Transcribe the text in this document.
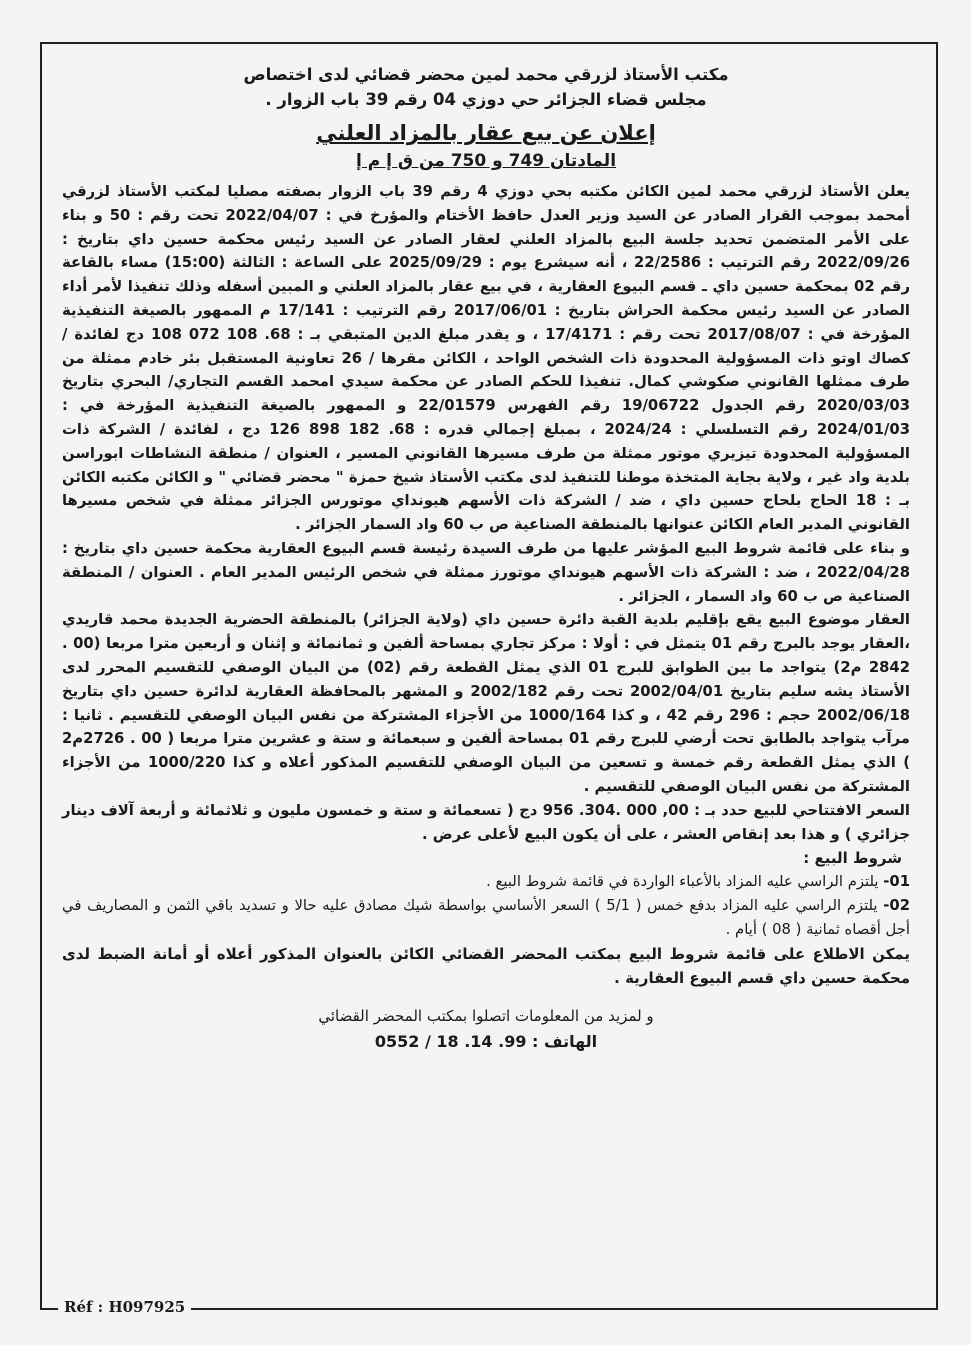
مكتب الأستاذ لزرقي محمد لمين محضر قضائي لدى اختصاص
مجلس قضاء الجزائر حي دوزي 04 رقم 39 باب الزوار .
إعلان عن بيع عقار بالمزاد العلني
المادتان 749 و 750 من ق إ م إ
يعلن الأستاذ لزرقي محمد لمين الكائن مكتبه بحي دوزي 4 رقم 39 باب الزوار بصفته مصليا لمكتب الأستاذ لزرقي أمحمد بموجب القرار الصادر عن السيد وزير العدل حافظ الأختام والمؤرخ في : 2022/04/07 تحت رقم : 50 و بناء على الأمر المتضمن تحديد جلسة البيع بالمزاد العلني لعقار الصادر عن السيد رئيس محكمة حسين داي بتاريخ : 2022/09/26 رقم الترتيب : 22/2586 ، أنه سيشرع يوم : 2025/09/29 على الساعة : الثالثة (15:00) مساء بالقاعة رقم 02 بمحكمة حسين داي ـ قسم البيوع العقارية ، في بيع عقار بالمزاد العلني و المبين أسفله وذلك تنفيذا لأمر أداء الصادر عن السيد رئيس محكمة الحراش بتاريخ : 2017/06/01 رقم الترتيب : 17/141 م الممهور بالصيغة التنفيذية المؤرخة في : 2017/08/07 تحت رقم : 17/4171 ، و يقدر مبلغ الدين المتبقي بـ : 68. 108 072 108 دج لفائدة / كصاك اوتو ذات المسؤولية المحدودة ذات الشخص الواحد ، الكائن مقرها / 26 تعاونية المستقبل بئر خادم ممثلة من طرف ممثلها القانوني صكوشي كمال. تنفيذا للحكم الصادر عن محكمة سيدي امحمد القسم التجاري/ البحري بتاريخ 2020/03/03 رقم الجدول 19/06722 رقم الفهرس 22/01579 و الممهور بالصيغة التنفيذية المؤرخة في : 2024/01/03 رقم التسلسلي : 2024/24 ، بمبلغ إجمالي قدره : 68. 182 898 126 دج ، لفائدة / الشركة ذات المسؤولية المحدودة تيزيري موتور ممثلة من طرف مسيرها القانوني المسير ، العنوان / منطقة النشاطات ابوراسن بلدية واد غير ، ولاية بجاية المتخذة موطنا للتنفيذ لدى مكتب الأستاذ شيخ حمزة " محضر قضائي " و الكائن مكتبه الكائن بـ : 18 الحاج بلحاج حسين داي ، ضد / الشركة ذات الأسهم هيونداي موتورس الجزائر ممثلة في شخص مسيرها القانوني المدير العام الكائن عنوانها بالمنطقة الصناعية ص ب 60 واد السمار الجزائر .
و بناء على قائمة شروط البيع المؤشر عليها من طرف السيدة رئيسة قسم البيوع العقارية محكمة حسين داي بتاريخ : 2022/04/28 ، ضد : الشركة ذات الأسهم هيونداي موتورز ممثلة في شخص الرئيس المدير العام . العنوان / المنطقة الصناعية ص ب 60 واد السمار ، الجزائر .
العقار موضوع البيع يقع بإقليم بلدية القبة دائرة حسين داي (ولاية الجزائر) بالمنطقة الحضرية الجديدة محمد قاريدي ،العقار يوجد بالبرج رقم 01 يتمثل في : أولا : مركز تجاري بمساحة ألفين و ثمانمائة و إثنان و أربعين مترا مربعا (00 . 2842 م2) يتواجد ما بين الطوابق للبرج 01 الذي يمثل القطعة رقم (02) من البيان الوصفي للتقسيم المحرر لدى الأستاذ يشه سليم بتاريخ 2002/04/01 تحت رقم 2002/182 و المشهر بالمحافظة العقارية لدائرة حسين داي بتاريخ 2002/06/18 حجم : 296 رقم 42 ، و كذا 1000/164 من الأجزاء المشتركة من نفس البيان الوصفي للتقسيم . ثانيا : مرآب يتواجد بالطابق تحت أرضي للبرج رقم 01 بمساحة ألفين و سبعمائة و ستة و عشرين مترا مربعا ( 00 . 2726م2 ) الذي يمثل القطعة رقم خمسة و تسعين من البيان الوصفي للتقسيم المذكور أعلاه و كذا 1000/220 من الأجزاء المشتركة من نفس البيان الوصفي للتقسيم .
السعر الافتتاحي للبيع حدد بـ : 00, 000 .304. 956 دج ( تسعمائة و ستة و خمسون مليون و ثلاثمائة و أربعة آلاف دينار جزائري ) و هذا بعد إنقاص العشر ، على أن يكون البيع لأعلى عرض .
شروط البيع :
01- يلتزم الراسي عليه المزاد بالأعباء الواردة في قائمة شروط البيع .
02- يلتزم الراسي عليه المزاد بدفع خمس ( 5/1 ) السعر الأساسي بواسطة شيك مصادق عليه حالا و تسديد باقي الثمن و المصاريف في أجل أقصاه ثمانية ( 08 ) أيام .
يمكن الاطلاع على قائمة شروط البيع بمكتب المحضر القضائي الكائن بالعنوان المذكور أعلاه أو أمانة الضبط لدى محكمة حسين داي قسم البيوع العقارية .
و لمزيد من المعلومات اتصلوا بمكتب المحضر القضائي
الهاتف : 99. 14. 18 / 0552
Réf : H097925
